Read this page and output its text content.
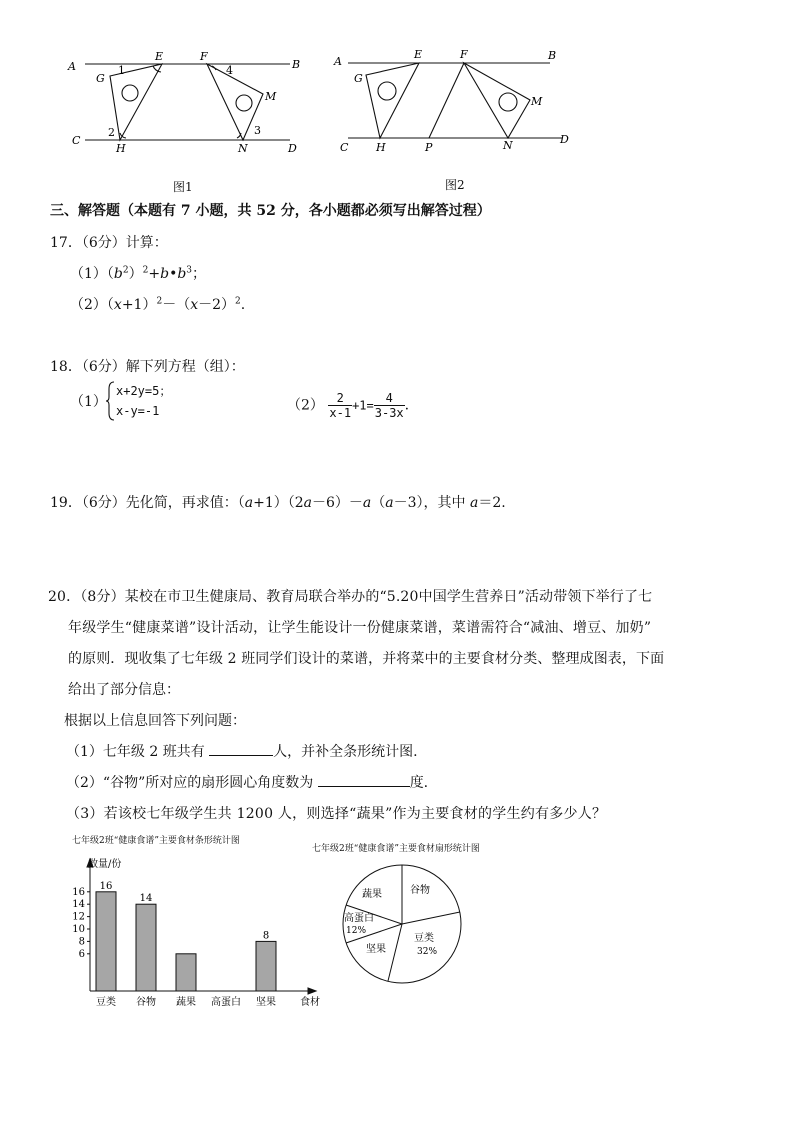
A	B
C
D
E	F
G
H
M
N
1
2	3
4
图1
A	B
C
D
E	F
G
H	P
M
N
图2
三、解答题（本题有 7 小题，共 52 分，各小题都必须写出解答过程）
17．（6分）计算：
$(1)(b^2)^2+b•b^3$；
$(2)(x+1)^2-(x-2)^2$.
18．（6分）解下列方程（组）：
（1）
x+2y=5；
x-y=-1	$(2) \frac{2}{x-1} +1= \frac{4}{3-3x}$ .
19．（6分）先化简，再求值：（a+1）（2a－6）－a（a－3），其中 a＝2.
20．（8分）某校在市卫生健康局、教育局联合举办的“5.20中国学生营养日”活动带领下举行了七
年级学生“健康菜谱”设计活动，让学生能设计一份健康菜谱，菜谱需符合“减油、增豆、加奶”
的原则．现收集了七年级 2 班同学们设计的菜谱，并将菜中的主要食材分类、整理成图表，下面
给出了部分信息：
根据以上信息回答下列问题：
（1）七年级 2 班共有	人，并补全条形统计图.
（2）“谷物”所对应的扇形圆心角度数为	度.
（3）若该校七年级学生共 1200 人，则选择“蔬果”作为主要食材的学生约有多少人？
七年级2班“健康食谱”主要食材条形统计图
数量/份
食材
6
8
10
12
14
16
16
14
8
豆类 谷物 蔬果 高蛋白 坚果
七年级2班“健康食谱”主要食材扇形统计图
蔬果	谷物
豆类
32%
坚果
高蛋白
12%
